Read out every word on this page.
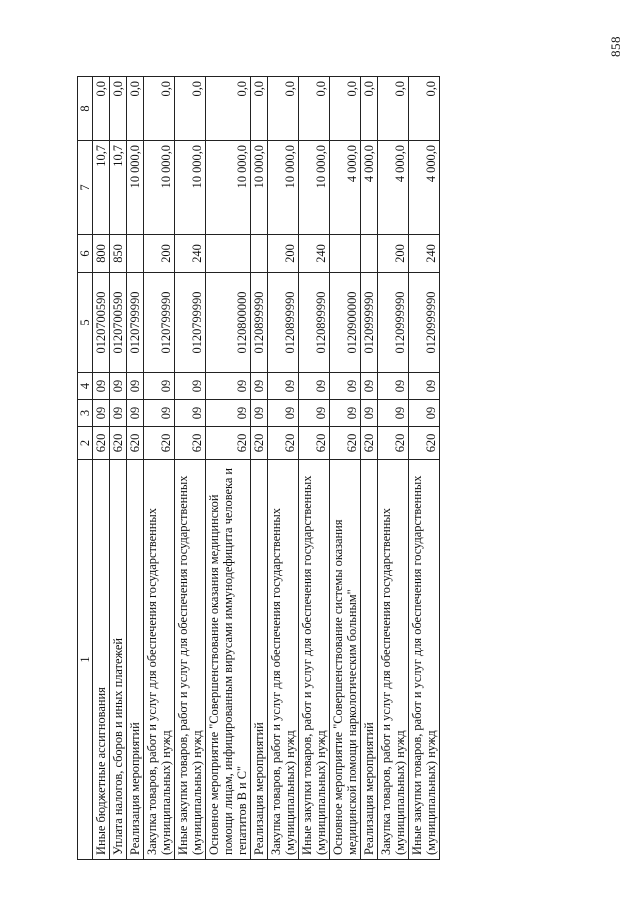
858
1	2	3	4	5	6	7	8
Иные бюджетные ассигнования	620	09	09	0120700590	800	10,7	0,0
Уплата налогов, сборов и иных платежей	620	09	09	0120700590	850	10,7	0,0
Реализация мероприятий	620	09	09	0120799990		10 000,0	0,0
Закупка товаров, работ и услуг для обеспечения государственных (муниципальных) нужд	620	09	09	0120799990	200	10 000,0	0,0
Иные закупки товаров, работ и услуг для обеспечения государственных (муниципальных) нужд	620	09	09	0120799990	240	10 000,0	0,0
Основное мероприятие "Совершенствование оказания медицинской помощи лицам, инфицированным вирусами иммунодефицита человека и гепатитов В и С"	620	09	09	0120800000		10 000,0	0,0
Реализация мероприятий	620	09	09	0120899990		10 000,0	0,0
Закупка товаров, работ и услуг для обеспечения государственных (муниципальных) нужд	620	09	09	0120899990	200	10 000,0	0,0
Иные закупки товаров, работ и услуг для обеспечения государственных (муниципальных) нужд	620	09	09	0120899990	240	10 000,0	0,0
Основное мероприятие "Совершенствование системы оказания медицинской помощи наркологическим больным"	620	09	09	0120900000		4 000,0	0,0
Реализация мероприятий	620	09	09	0120999990		4 000,0	0,0
Закупка товаров, работ и услуг для обеспечения государственных (муниципальных) нужд	620	09	09	0120999990	200	4 000,0	0,0
Иные закупки товаров, работ и услуг для обеспечения государственных (муниципальных) нужд	620	09	09	0120999990	240	4 000,0	0,0
